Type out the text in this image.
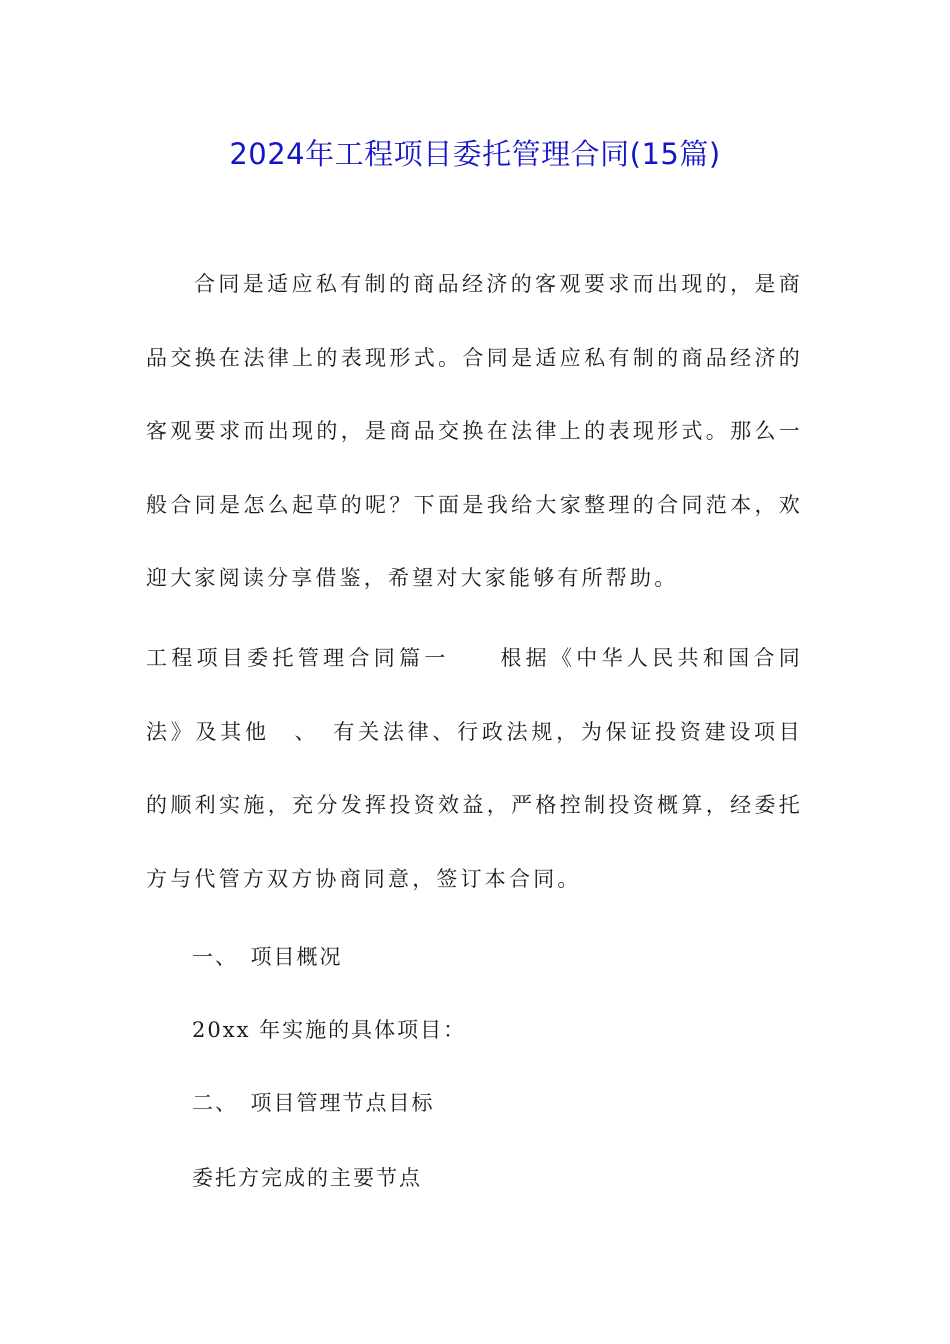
2024年工程项目委托管理合同(15篇)

合同是适应私有制的商品经济的客观要求而出现的，是商品交换在法律上的表现形式。合同是适应私有制的商品经济的客观要求而出现的，是商品交换在法律上的表现形式。那么一般合同是怎么起草的呢？下面是我给大家整理的合同范本，欢迎大家阅读分享借鉴，希望对大家能够有所帮助。

工程项目委托管理合同篇一　　根据《中华人民共和国合同法》及其他　、　有关法律、行政法规，为保证投资建设项目的顺利实施，充分发挥投资效益，严格控制投资概算，经委托方与代管方双方协商同意，签订本合同。

一、　项目概况

20xx 年实施的具体项目：

二、　项目管理节点目标

委托方完成的主要节点
